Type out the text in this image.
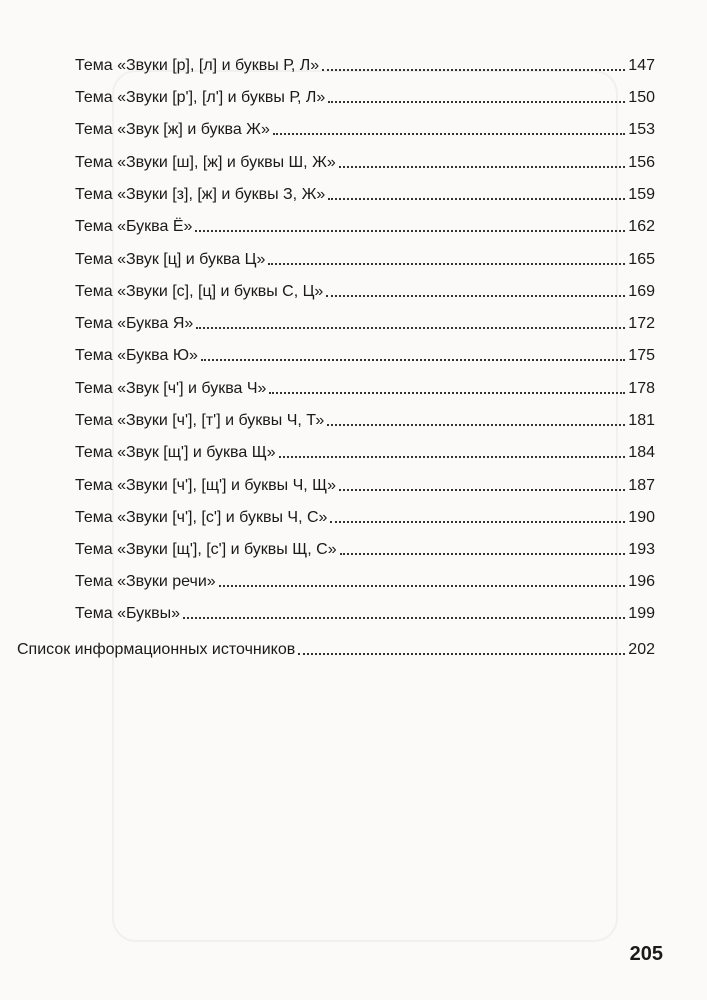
Тема «Звуки [р], [л] и буквы Р, Л»	147
Тема «Звуки [р'], [л'] и буквы Р, Л»	150
Тема «Звук [ж] и буква Ж»	153
Тема «Звуки [ш], [ж] и буквы Ш, Ж»	156
Тема «Звуки [з], [ж] и буквы З, Ж»	159
Тема «Буква Ё»	162
Тема «Звук [ц] и буква Ц»	165
Тема «Звуки [с], [ц] и буквы С, Ц»	169
Тема «Буква Я»	172
Тема «Буква Ю»	175
Тема «Звук [ч'] и буква Ч»	178
Тема «Звуки [ч'], [т'] и буквы Ч, Т»	181
Тема «Звук [щ'] и буква Щ»	184
Тема «Звуки [ч'], [щ'] и буквы Ч, Щ»	187
Тема «Звуки [ч'], [с'] и буквы Ч, С»	190
Тема «Звуки [щ'], [с'] и буквы Щ, С»	193
Тема «Звуки речи»	196
Тема «Буквы»	199
Список информационных источников	202
205
